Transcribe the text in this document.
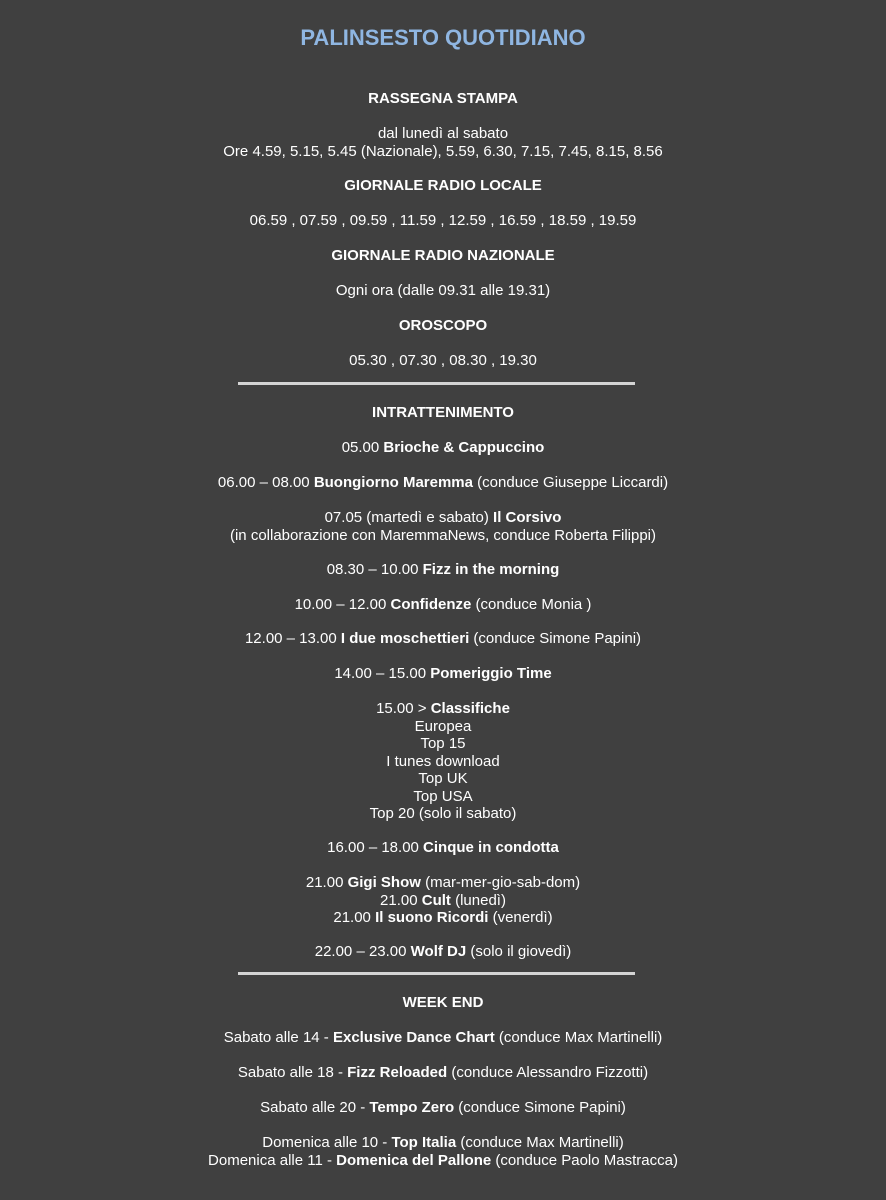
PALINSESTO QUOTIDIANO
RASSEGNA STAMPA
dal lunedì al sabato
Ore 4.59, 5.15, 5.45 (Nazionale), 5.59, 6.30, 7.15, 7.45, 8.15, 8.56
GIORNALE RADIO LOCALE
06.59 , 07.59 , 09.59 , 11.59 , 12.59 , 16.59 , 18.59 , 19.59
GIORNALE RADIO NAZIONALE
Ogni ora (dalle 09.31 alle 19.31)
OROSCOPO
05.30 , 07.30 , 08.30 , 19.30
INTRATTENIMENTO
05.00 Brioche & Cappuccino
06.00 – 08.00 Buongiorno Maremma (conduce Giuseppe Liccardi)
07.05 (martedì e sabato) Il Corsivo
(in collaborazione con MaremmaNews, conduce Roberta Filippi)
08.30 – 10.00 Fizz in the morning
10.00 – 12.00 Confidenze (conduce Monia )
12.00 – 13.00 I due moschettieri (conduce Simone Papini)
14.00 – 15.00 Pomeriggio Time
15.00 > Classifiche
Europea
Top 15
I tunes download
Top UK
Top USA
Top 20 (solo il sabato)
16.00 – 18.00 Cinque in condotta
21.00 Gigi Show (mar-mer-gio-sab-dom)
21.00 Cult (lunedì)
21.00 Il suono Ricordi (venerdì)
22.00 – 23.00 Wolf DJ (solo il giovedì)
WEEK END
Sabato alle 14 - Exclusive Dance Chart (conduce Max Martinelli)
Sabato alle 18 - Fizz Reloaded (conduce Alessandro Fizzotti)
Sabato alle 20 - Tempo Zero (conduce Simone Papini)
Domenica alle 10 - Top Italia (conduce Max Martinelli)
Domenica alle 11 - Domenica del Pallone (conduce Paolo Mastracca)
